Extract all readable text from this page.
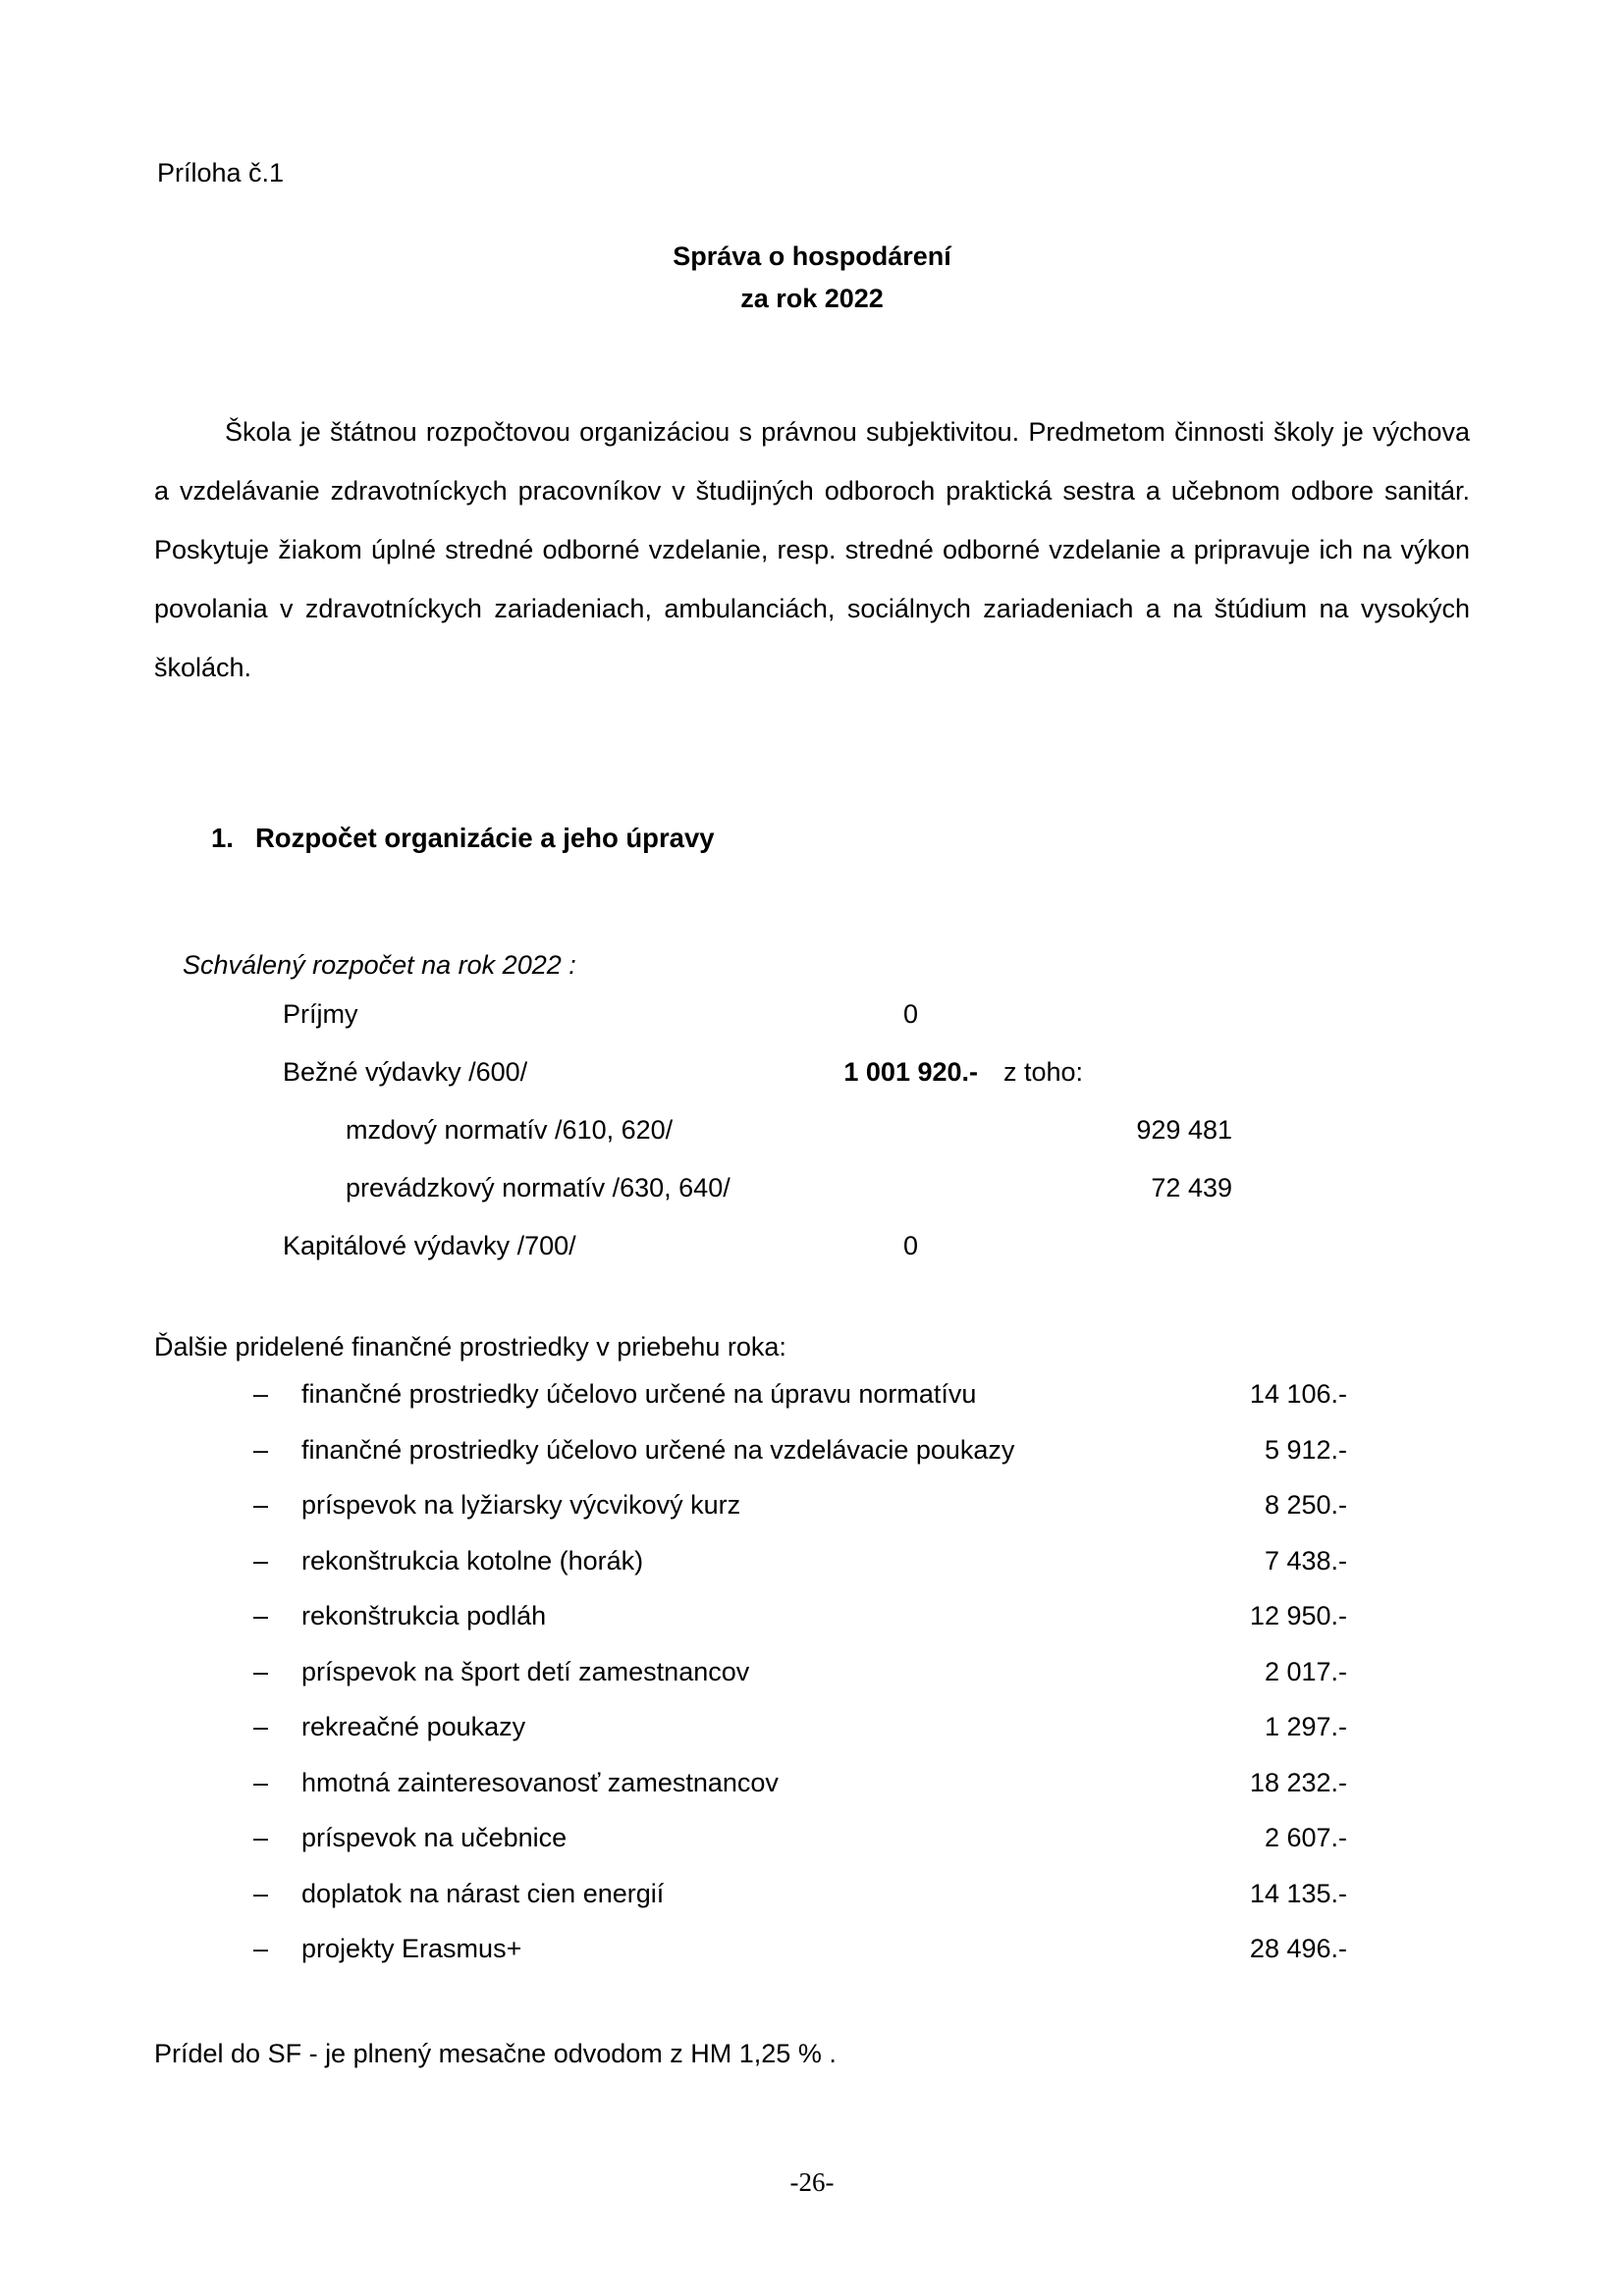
Príloha č.1
Správa o hospodárení
za rok 2022
Škola je štátnou rozpočtovou organizáciou s právnou subjektivitou. Predmetom činnosti školy je výchova a vzdelávanie zdravotníckych pracovníkov v študijných odboroch praktická sestra a učebnom odbore sanitár. Poskytuje žiakom úplné stredné odborné vzdelanie, resp. stredné odborné vzdelanie a pripravuje ich na výkon povolania v zdravotníckych zariadeniach, ambulanciách, sociálnych zariadeniach a na štúdium na vysokých školách.
1. Rozpočet organizácie a jeho úpravy
Schválený rozpočet na rok 2022 :
Príjmy	0
Bežné výdavky /600/	1 001 920.- z toho:
mzdový normatív /610, 620/	929 481
prevádzkový normatív /630, 640/	72 439
Kapitálové výdavky /700/	0
Ďalšie pridelené finančné prostriedky v priebehu roka:
– finančné prostriedky účelovo určené na úpravu normatívu	14 106.-
– finančné prostriedky účelovo určené na vzdelávacie poukazy	5 912.-
– príspevok na lyžiarsky výcvikový kurz	8 250.-
– rekonštrukcia kotolne (horák)	7 438.-
– rekonštrukcia podláh	12 950.-
– príspevok na šport detí zamestnancov	2 017.-
– rekreačné poukazy	1 297.-
– hmotná zainteresovanosť zamestnancov	18 232.-
– príspevok na učebnice	2 607.-
– doplatok na nárast cien energií	14 135.-
– projekty Erasmus+	28 496.-
Prídel do SF - je plnený mesačne odvodom z HM 1,25 % .
-26-
